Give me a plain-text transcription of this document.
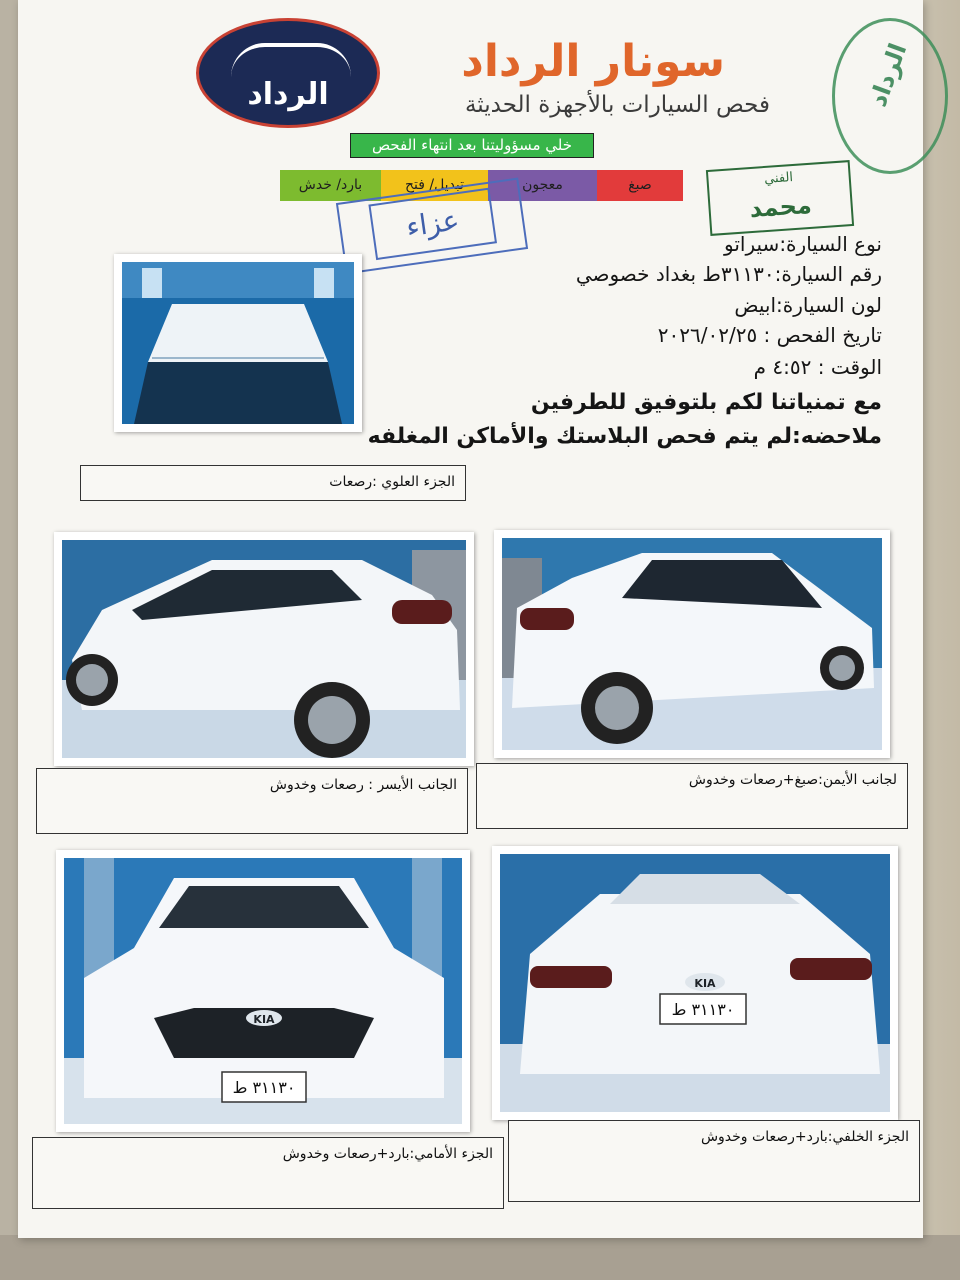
الرداد
سونار الرداد
فحص السيارات بالأجهزة الحديثة
خلي مسؤوليتنا بعد انتهاء الفحص
صبغ
معجون
تبديل/ فتح
بارد/ خدش
الرداد
الفني
محمد
عزاء
نوع السيارة:سيراتو
رقم السيارة:٣١١٣٠ط بغداد خصوصي
لون السيارة:ابيض
تاريخ الفحص : ٢٠٢٦/٠٢/٢٥
الوقت : ٤:٥٢ م
مع تمنياتنا لكم بلتوفيق للطرفين
ملاحضه:لم يتم فحص البلاستك والأماكن المغلفه
الجزء العلوي :رصعات
الجانب الأيسر : رصعات وخدوش	لجانب الأيمن:صبغ+رصعات وخدوش
KIA
٣١١٣٠ ط
الجزء الأمامي:بارد+رصعات وخدوش
KIA
٣١١٣٠ ط
الجزء الخلفي:بارد+رصعات وخدوش
